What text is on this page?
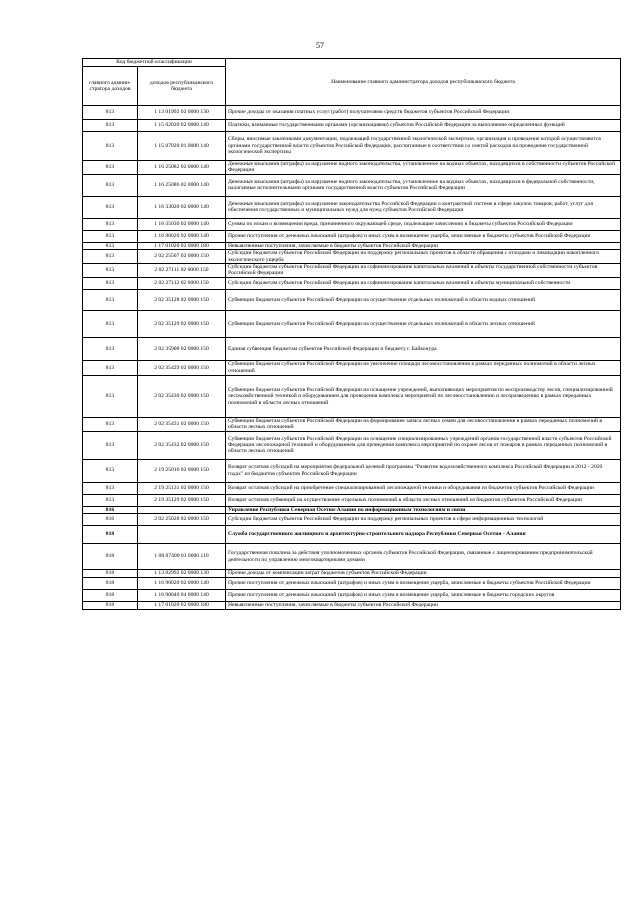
57
Код бюджетной классификации		Наименование главного администратора доходов республиканского бюджета
главного админи-стратора доходов	доходов республиканского бюджета	
813	1 13 01992 02 0000 130	Прочие доходы от оказания платных услуг (работ) получателями средств бюджетов субъектов Российской Федерации
813	1 15 02020 02 0000 140	Платежи, взимаемые государственными органами (организациями) субъектов Российской Федерации за выполнение определенных функций
813	1 15 07020 01 0000 140	Сборы, вносимые заказчиками документации, подлежащей государственной экологической экспертизе, организация и проведение которой осуществляются органами государственной власти субъектов Российской Федерации, рассчитанные в соответствии со сметой расходов на проведение государственной экологической экспертизы
813	1 16 25082 02 0000 140	Денежные взыскания (штрафы) за нарушение водного законодательства, установленное на водных объектах, находящихся в собственности субъектов Российской Федерации
813	1 16 25086 02 0000 140	Денежные взыскания (штрафы) за нарушение водного законодательства, установленное на водных объектах, находящихся в федеральной собственности, налагаемые исполнительными органами государственной власти субъектов Российской Федерации
813	1 16 33020 02 0000 140	Денежные взыскания (штрафы) за нарушение законодательства Российской Федерации о контрактной системе в сфере закупок товаров, работ, услуг для обеспечения государственных и муниципальных нужд для нужд субъектов Российской Федерации
813	1 16 35030 02 0000 140	Суммы по искам о возмещении вреда, причиненного окружающей среде, подлежащие зачислению в бюджеты субъектов Российской Федерации
813	1 16 90020 02 0000 140	Прочие поступления от денежных взысканий (штрафов) и иных сумм в возмещение ущерба, зачисляемые в бюджеты субъектов Российской Федерации
813	1 17 01020 02 0000 180	Невыясненные поступления, зачисляемые в бюджеты субъектов Российской Федерации
813	2 02 25507 02 0000 150	Субсидии бюджетам субъектов Российской Федерации на поддержку региональных проектов в области обращения с отходами и ликвидации накопленного экологического ущерба
813	2 02 27111 02 0000 150	Субсидии бюджетам субъектов Российской Федерации на софинансирование капитальных вложений в объекты государственной собственности субъектов Российской Федерации
813	2 02 27112 02 0000 150	Субсидии бюджетам субъектов Российской Федерации на софинансирование капитальных вложений в объекты муниципальной собственности
813	2 02 35128 02 0000 150	Субвенции бюджетам субъектов Российской Федерации на осуществление отдельных полномочий в области водных отношений
813	2 02 35129 02 0000 150	Субвенции бюджетам субъектов Российской Федерации на осуществление отдельных полномочий в области лесных отношений
813	2 02 35900 02 0000 150	Единая субвенция бюджетам субъектов Российской Федерации и бюджету г. Байконура
813	2 02 35429 02 0000 150	Субвенции бюджетам субъектов Российской Федерации на увеличение площади лесовосстановления в рамках переданных полномочий в области лесных отношений
813	2 02 35430 02 0000 150	Субвенции бюджетам субъектов Российской Федерации на оснащение учреждений, выполняющих мероприятия по воспроизводству лесов, специализированной лесохозяйственной техникой и оборудованием для проведения комплекса мероприятий по лесовосстановлению и лесоразведению в рамках переданных полномочий в области лесных отношений
813	2 02 35431 02 0000 150	Субвенции бюджетам субъектов Российской Федерации на формирование запаса лесных семян для лесовосстановления в рамках переданных полномочий в области лесных отношений
813	2 02 35432 02 0000 150	Субвенции бюджетам субъектов Российской Федерации на оснащение специализированных учреждений органов государственной власти субъектов Российской Федерации лесопожарной техникой и оборудованием для проведения комплекса мероприятий по охране лесов от пожаров в рамках переданных полномочий в области лесных отношений
813	2 19 25016 02 0000 150	Возврат остатков субсидий на мероприятия федеральной целевой программы "Развитие водохозяйственного комплекса Российской Федерации в 2012 - 2020 годах" из бюджетов субъектов Российской Федерации
813	2 19 25131 02 0000 150	Возврат остатков субсидий на приобретение специализированной лесопожарной техники и оборудования из бюджетов субъектов Российской Федерации
813	2 19 35129 02 0000 150	Возврат остатков субвенций на осуществление отдельных полномочий в области лесных отношений из бюджетов субъектов Российской Федерации
816		Управление Республики Северная Осетия-Алания по информационным технологиям и связи
816	2 02 25028 02 0000 150	Субсидии бюджетам субъектов Российской Федерации на поддержку региональных проектов в сфере информационных технологий
818		Служба государственного жилищного и архитектурно-строительного надзора Республики Северная Осетия - Алания
818	1 08 07400 01 0000 110	Государственная пошлина за действия уполномоченных органов субъектов Российской Федерации, связанные с лицензированием предпринимательской деятельности по управлению многоквартирными домами
818	1 13 02992 02 0000 130	Прочие доходы от компенсации затрат бюджетов субъектов Российской Федерации
818	1 16 90020 02 0000 140	Прочие поступления от денежных взысканий (штрафов) и иных сумм в возмещение ущерба, зачисляемые в бюджеты субъектов Российской Федерации
818	1 16 90040 04 0000 140	Прочие поступления от денежных взысканий (штрафов) и иных сумм в возмещение ущерба, зачисляемые в бюджеты городских округов
818	1 17 01020 02 0000 180	Невыясненные поступления, зачисляемые в бюджеты субъектов Российской Федерации
